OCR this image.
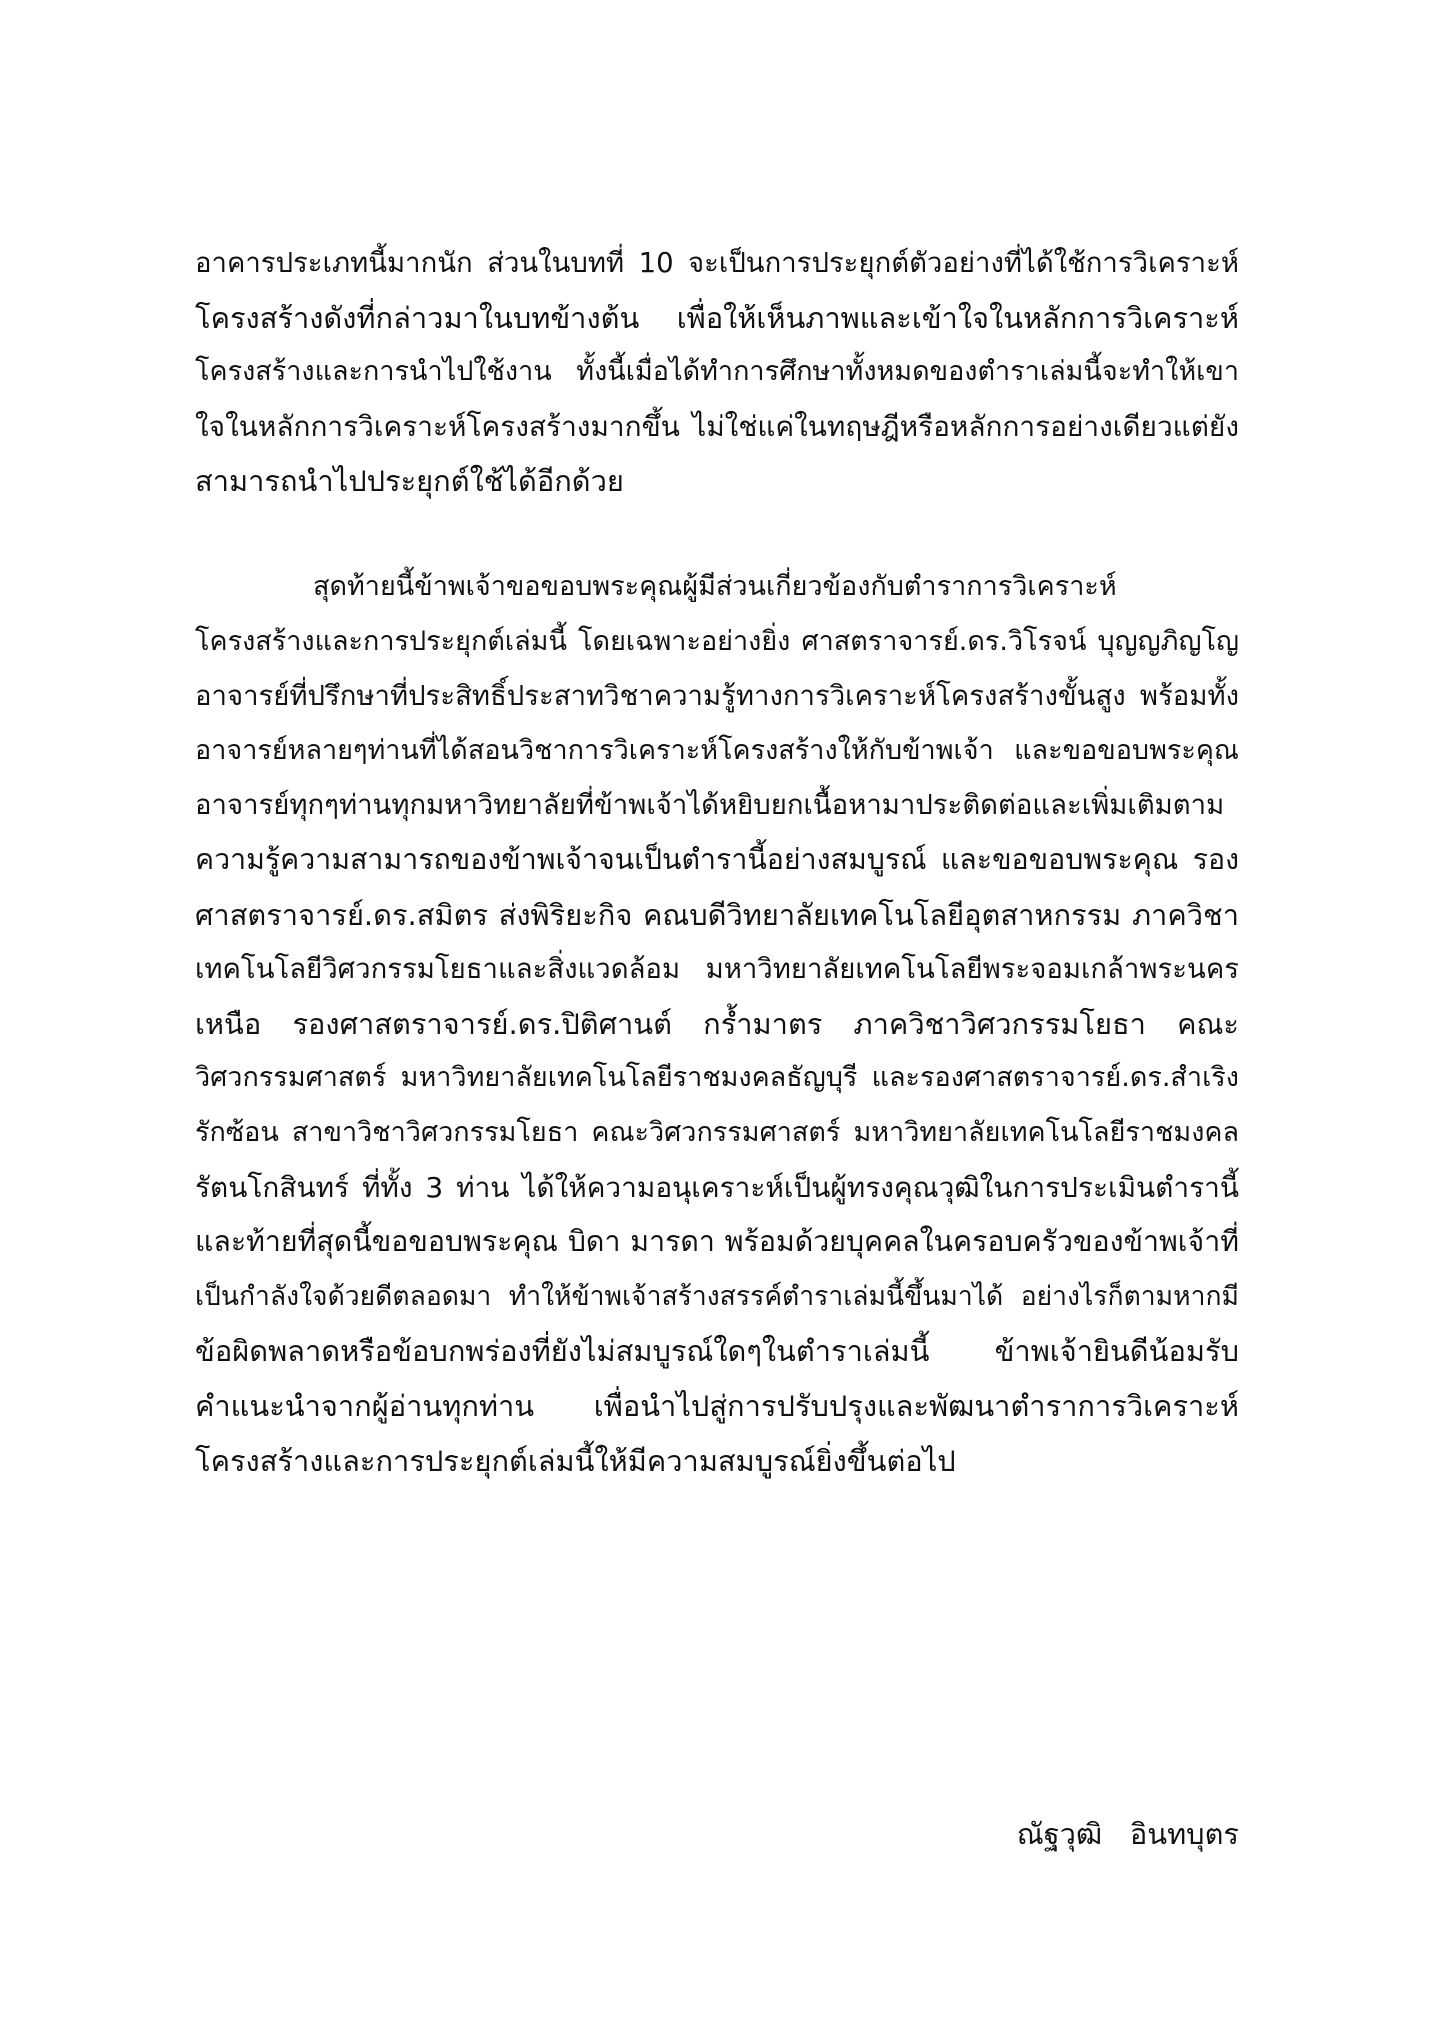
อาคารประเภทนี้มากนัก ส่วนในบทที่ 10 จะเป็นการประยุกต์ตัวอย่างที่ได้ใช้การวิเคราะห์
โครงสร้างดังที่กล่าวมาในบทข้างต้น เพื่อให้เห็นภาพและเข้าใจในหลักการวิเคราะห์
โครงสร้างและการนำไปใช้งาน ทั้งนี้เมื่อได้ทำการศึกษาทั้งหมดของตำราเล่มนี้จะทำให้เขา
ใจในหลักการวิเคราะห์โครงสร้างมากขึ้น ไม่ใช่แค่ในทฤษฎีหรือหลักการอย่างเดียวแต่ยัง
สามารถนำไปประยุกต์ใช้ได้อีกด้วย
สุดท้ายนี้ข้าพเจ้าขอขอบพระคุณผู้มีส่วนเกี่ยวข้องกับตำราการวิเคราะห์
โครงสร้างและการประยุกต์เล่มนี้ โดยเฉพาะอย่างยิ่ง ศาสตราจารย์.ดร.วิโรจน์ บุญญภิญโญ
อาจารย์ที่ปรึกษาที่ประสิทธิ์ประสาทวิชาความรู้ทางการวิเคราะห์โครงสร้างขั้นสูง พร้อมทั้ง
อาจารย์หลายๆท่านที่ได้สอนวิชาการวิเคราะห์โครงสร้างให้กับข้าพเจ้า และขอขอบพระคุณ
อาจารย์ทุกๆท่านทุกมหาวิทยาลัยที่ข้าพเจ้าได้หยิบยกเนื้อหามาประติดต่อและเพิ่มเติมตาม
ความรู้ความสามารถของข้าพเจ้าจนเป็นตำรานี้อย่างสมบูรณ์ และขอขอบพระคุณ รอง
ศาสตราจารย์.ดร.สมิตร ส่งพิริยะกิจ คณบดีวิทยาลัยเทคโนโลยีอุตสาหกรรม ภาควิชา
เทคโนโลยีวิศวกรรมโยธาและสิ่งแวดล้อม มหาวิทยาลัยเทคโนโลยีพระจอมเกล้าพระนคร
เหนือ รองศาสตราจารย์.ดร.ปิติศานต์ กร้ำมาตร ภาควิชาวิศวกรรมโยธา คณะ
วิศวกรรมศาสตร์ มหาวิทยาลัยเทคโนโลยีราชมงคลธัญบุรี และรองศาสตราจารย์.ดร.สำเริง
รักซ้อน สาขาวิชาวิศวกรรมโยธา คณะวิศวกรรมศาสตร์ มหาวิทยาลัยเทคโนโลยีราชมงคล
รัตนโกสินทร์ ที่ทั้ง 3 ท่าน ได้ให้ความอนุเคราะห์เป็นผู้ทรงคุณวุฒิในการประเมินตำรานี้
และท้ายที่สุดนี้ขอขอบพระคุณ บิดา มารดา พร้อมด้วยบุคคลในครอบครัวของข้าพเจ้าที่
เป็นกำลังใจด้วยดีตลอดมา ทำให้ข้าพเจ้าสร้างสรรค์ตำราเล่มนี้ขึ้นมาได้ อย่างไรก็ตามหากมี
ข้อผิดพลาดหรือข้อบกพร่องที่ยังไม่สมบูรณ์ใดๆในตำราเล่มนี้ ข้าพเจ้ายินดีน้อมรับ
คำแนะนำจากผู้อ่านทุกท่าน เพื่อนำไปสู่การปรับปรุงและพัฒนาตำราการวิเคราะห์
โครงสร้างและการประยุกต์เล่มนี้ให้มีความสมบูรณ์ยิ่งขึ้นต่อไป
ณัฐวุฒิ   อินทบุตร
